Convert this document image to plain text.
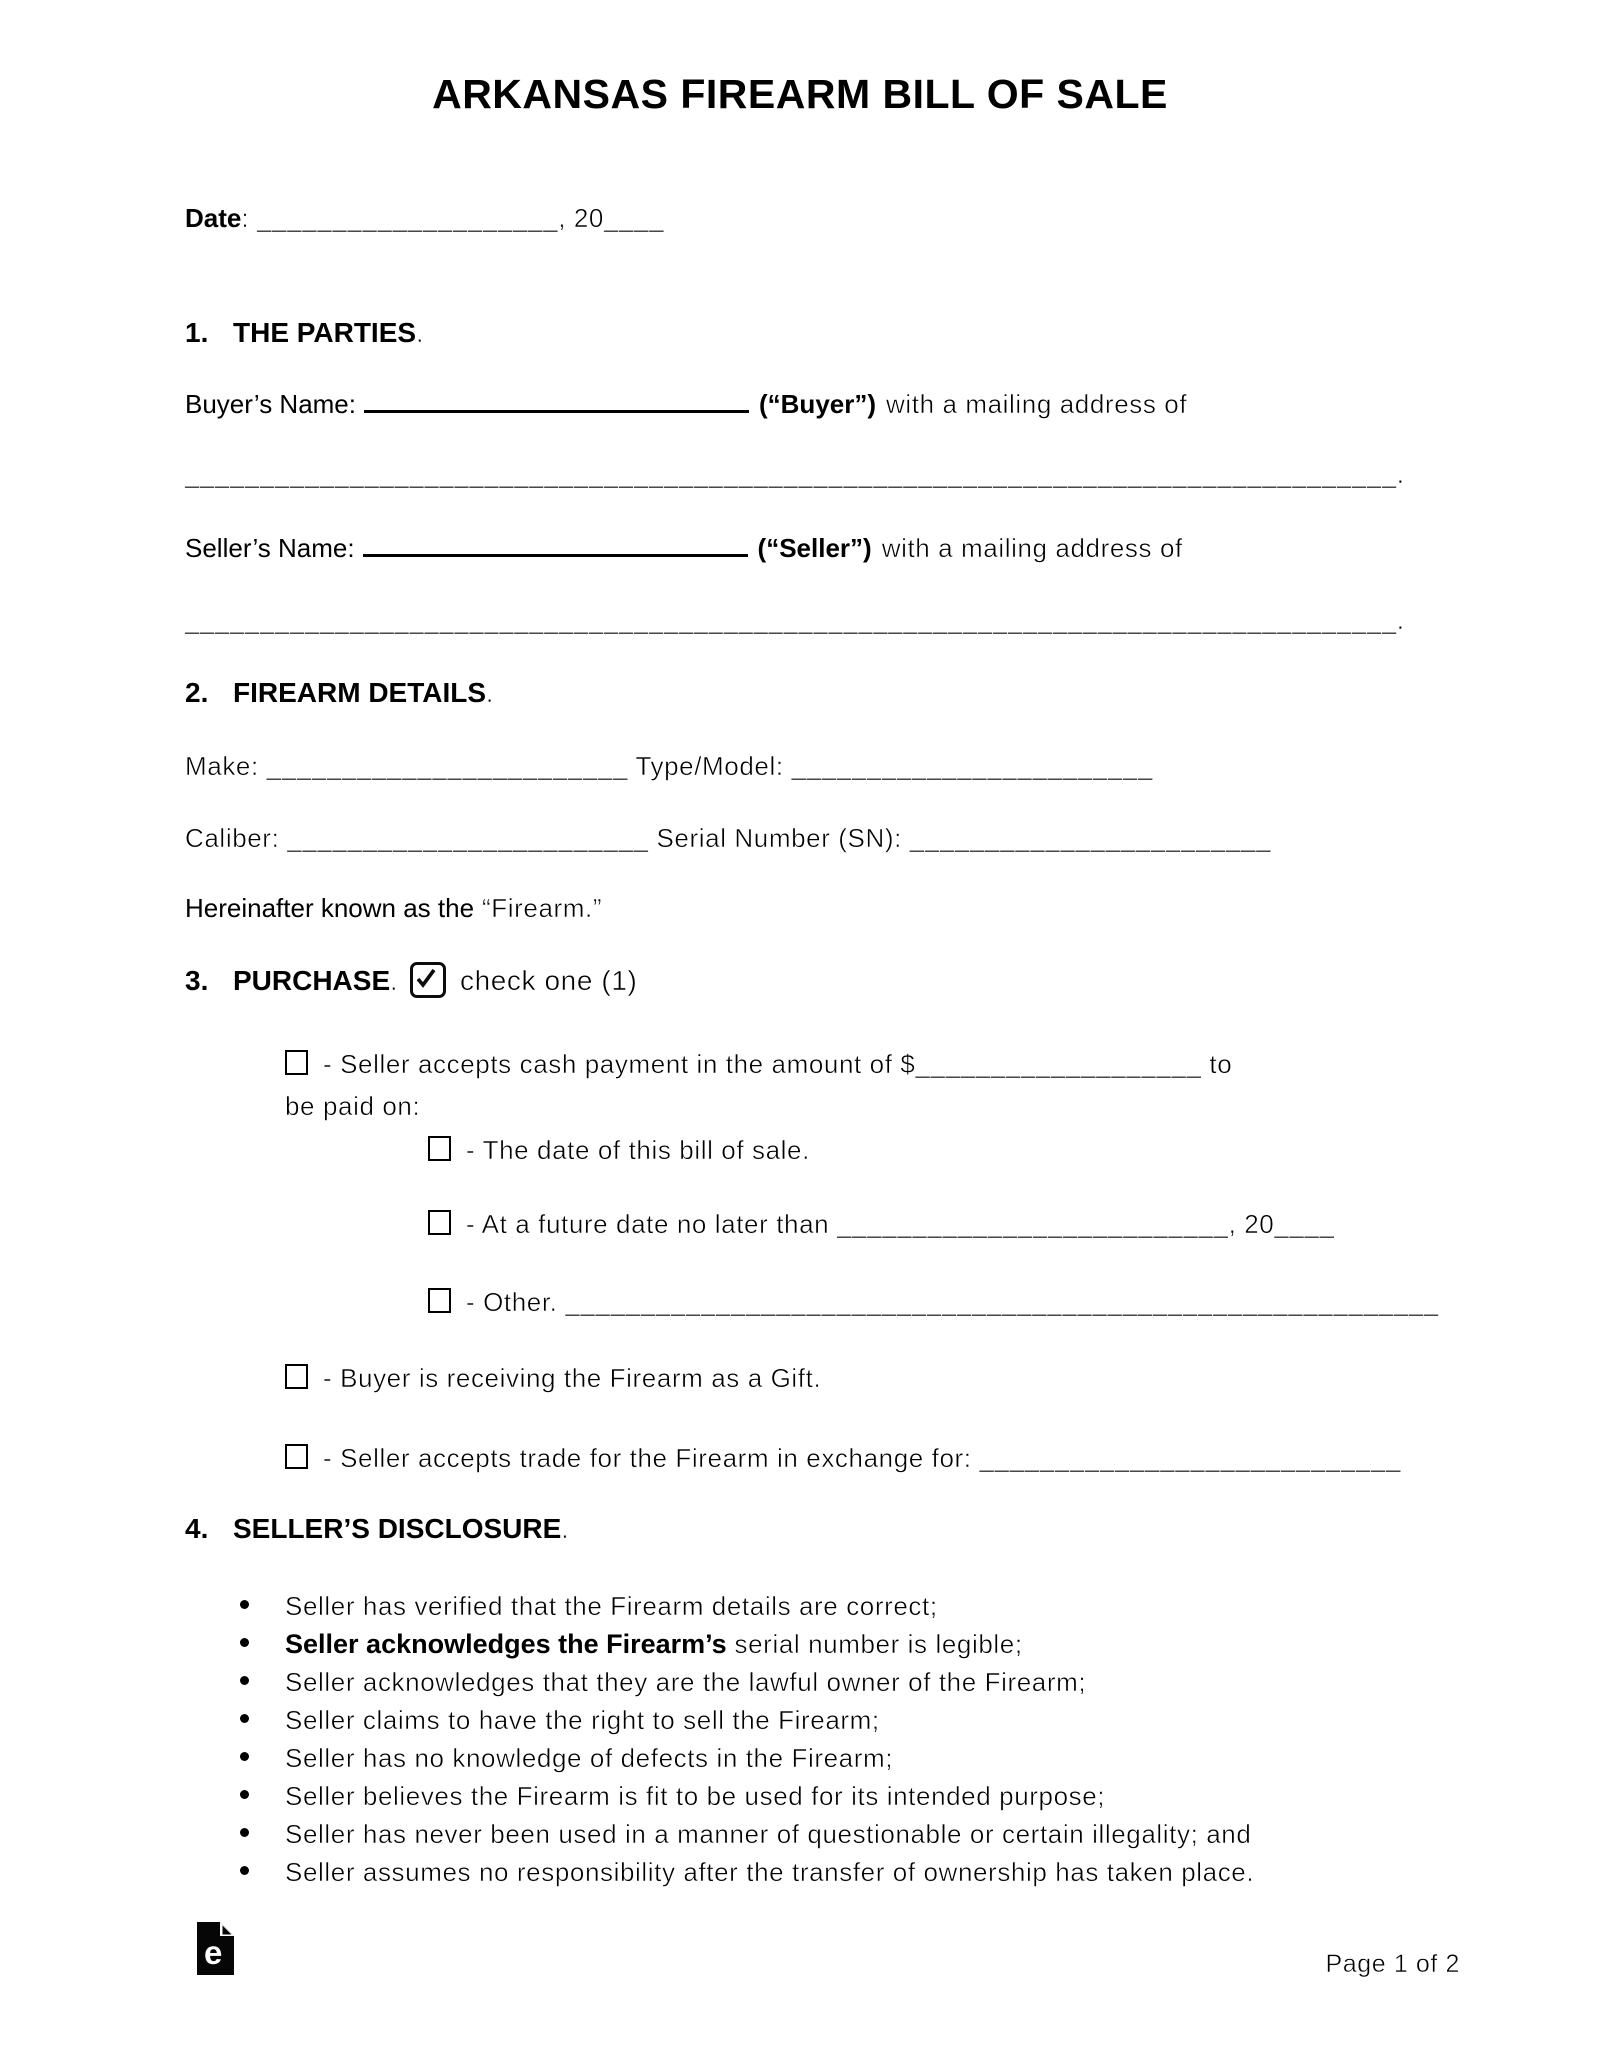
ARKANSAS FIREARM BILL OF SALE
Date: ____________________, 20____
1. THE PARTIES.
Buyer’s Name:	(“Buyer”) with a mailing address of
_________________________________________________________________________________.
Seller’s Name:	(“Seller”) with a mailing address of
_________________________________________________________________________________.
2. FIREARM DETAILS.
Make: ________________________ Type/Model: ________________________
Caliber: ________________________ Serial Number (SN): ________________________
Hereinafter known as the “Firearm.”
3. PURCHASE. check one (1)
- Seller accepts cash payment in the amount of $___________________ to
be paid on:
- The date of this bill of sale.
- At a future date no later than __________________________, 20____
- Other. __________________________________________________________
- Buyer is receiving the Firearm as a Gift.
- Seller accepts trade for the Firearm in exchange for: ____________________________
4. SELLER’S DISCLOSURE.
Seller has verified that the Firearm details are correct;
Seller acknowledges the Firearm’s serial number is legible;
Seller acknowledges that they are the lawful owner of the Firearm;
Seller claims to have the right to sell the Firearm;
Seller has no knowledge of defects in the Firearm;
Seller believes the Firearm is fit to be used for its intended purpose;
Seller has never been used in a manner of questionable or certain illegality; and
Seller assumes no responsibility after the transfer of ownership has taken place.
e	Page 1 of 2
